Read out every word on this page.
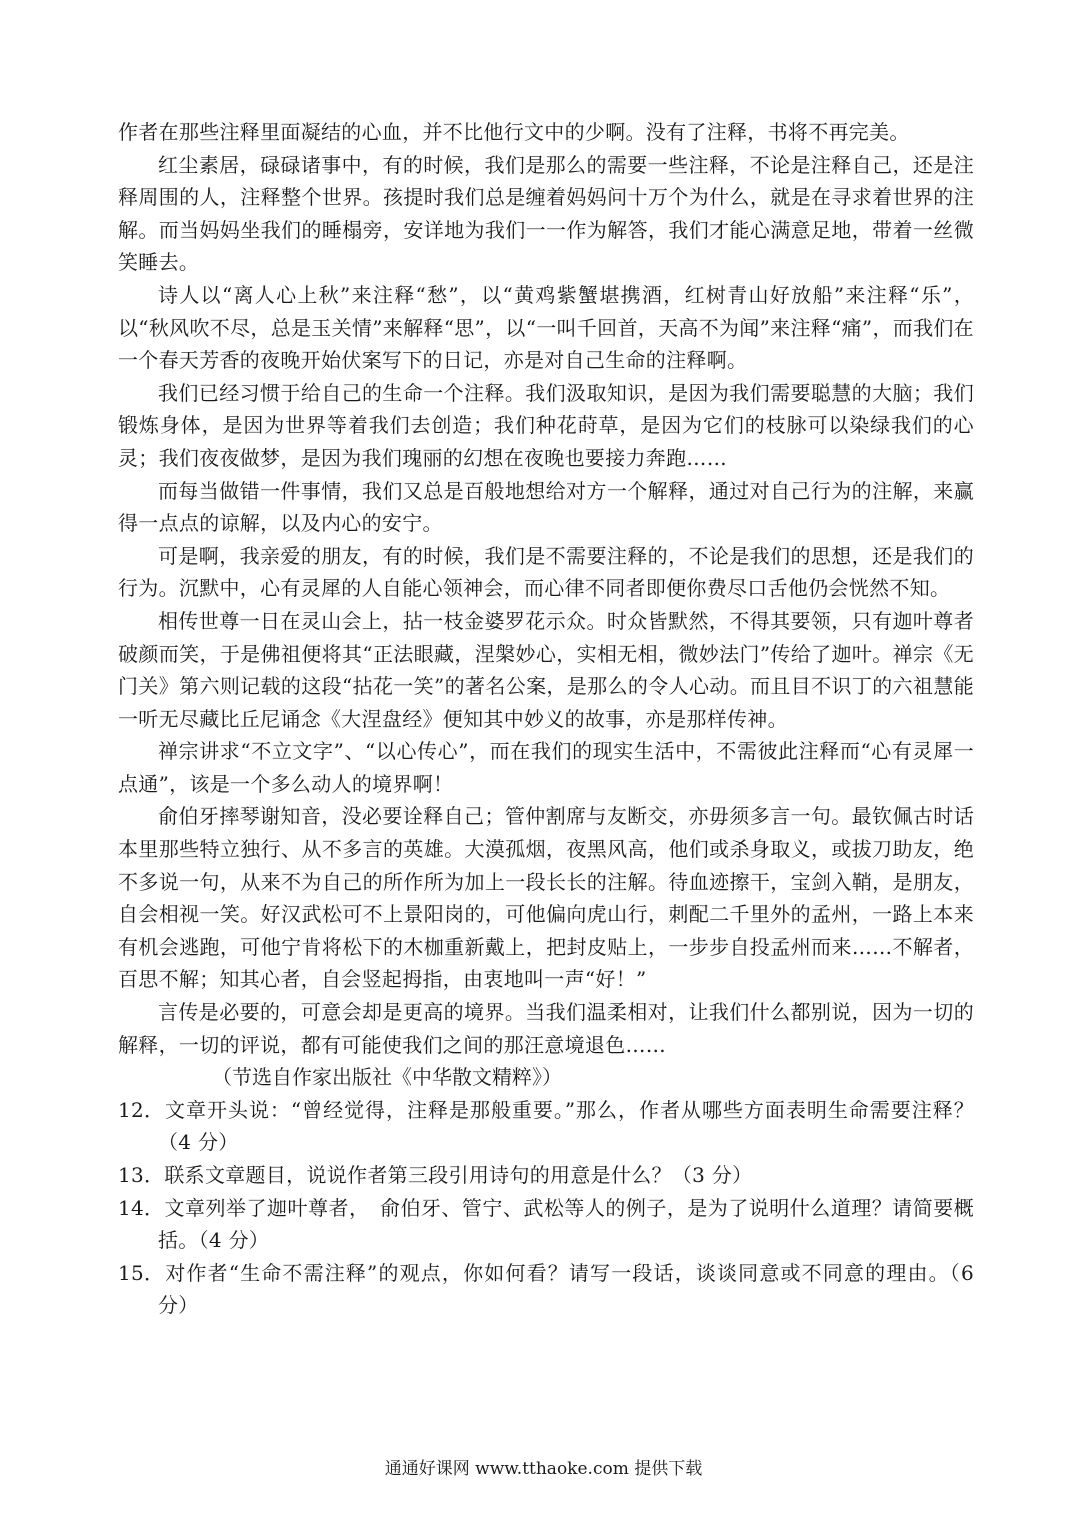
作者在那些注释里面凝结的心血，并不比他行文中的少啊。没有了注释，书将不再完美。

红尘素居，碌碌诸事中，有的时候，我们是那么的需要一些注释，不论是注释自己，还是注释周围的人，注释整个世界。孩提时我们总是缠着妈妈问十万个为什么，就是在寻求着世界的注解。而当妈妈坐我们的睡榻旁，安详地为我们一一作为解答，我们才能心满意足地，带着一丝微笑睡去。

诗人以“离人心上秋”来注释“愁”，以“黄鸡紫蟹堪携酒，红树青山好放船”来注释“乐”，以“秋风吹不尽，总是玉关情”来解释“思”，以“一叫千回首，天高不为闻”来注释“痛”，而我们在一个春天芳香的夜晚开始伏案写下的日记，亦是对自己生命的注释啊。

我们已经习惯于给自己的生命一个注释。我们汲取知识，是因为我们需要聪慧的大脑；我们锻炼身体，是因为世界等着我们去创造；我们种花莳草，是因为它们的枝脉可以染绿我们的心灵；我们夜夜做梦，是因为我们瑰丽的幻想在夜晚也要接力奔跑……

而每当做错一件事情，我们又总是百般地想给对方一个解释，通过对自己行为的注解，来赢得一点点的谅解，以及内心的安宁。

可是啊，我亲爱的朋友，有的时候，我们是不需要注释的，不论是我们的思想，还是我们的行为。沉默中，心有灵犀的人自能心领神会，而心律不同者即便你费尽口舌他仍会恍然不知。

相传世尊一日在灵山会上，拈一枝金婆罗花示众。时众皆默然，不得其要领，只有迦叶尊者破颜而笑，于是佛祖便将其“正法眼藏，涅槃妙心，实相无相，微妙法门”传给了迦叶。禅宗《无门关》第六则记载的这段“拈花一笑”的著名公案，是那么的令人心动。而且目不识丁的六祖慧能一听无尽藏比丘尼诵念《大涅盘经》便知其中妙义的故事，亦是那样传神。

禅宗讲求“不立文字”、“以心传心”，而在我们的现实生活中，不需彼此注释而“心有灵犀一点通”，该是一个多么动人的境界啊！

俞伯牙摔琴谢知音，没必要诠释自己；管仲割席与友断交，亦毋须多言一句。最钦佩古时话本里那些特立独行、从不多言的英雄。大漠孤烟，夜黑风高，他们或杀身取义，或拔刀助友，绝不多说一句，从来不为自己的所作所为加上一段长长的注解。待血迹擦干，宝剑入鞘，是朋友，自会相视一笑。好汉武松可不上景阳岗的，可他偏向虎山行，刺配二千里外的孟州，一路上本来有机会逃跑，可他宁肯将松下的木枷重新戴上，把封皮贴上，一步步自投孟州而来……不解者，百思不解；知其心者，自会竖起拇指，由衷地叫一声“好！”

言传是必要的，可意会却是更高的境界。当我们温柔相对，让我们什么都别说，因为一切的解释，一切的评说，都有可能使我们之间的那汪意境退色……

（节选自作家出版社《中华散文精粹》）

12．文章开头说：“曾经觉得，注释是那般重要。”那么，作者从哪些方面表明生命需要注释？（4 分）

13．联系文章题目，说说作者第三段引用诗句的用意是什么？（3 分）

14．文章列举了迦叶尊者，　俞伯牙、管宁、武松等人的例子，是为了说明什么道理？请简要概括。（4 分）

15．对作者“生命不需注释”的观点，你如何看？请写一段话，谈谈同意或不同意的理由。（6 分）

通通好课网 www.tthaoke.com 提供下载
